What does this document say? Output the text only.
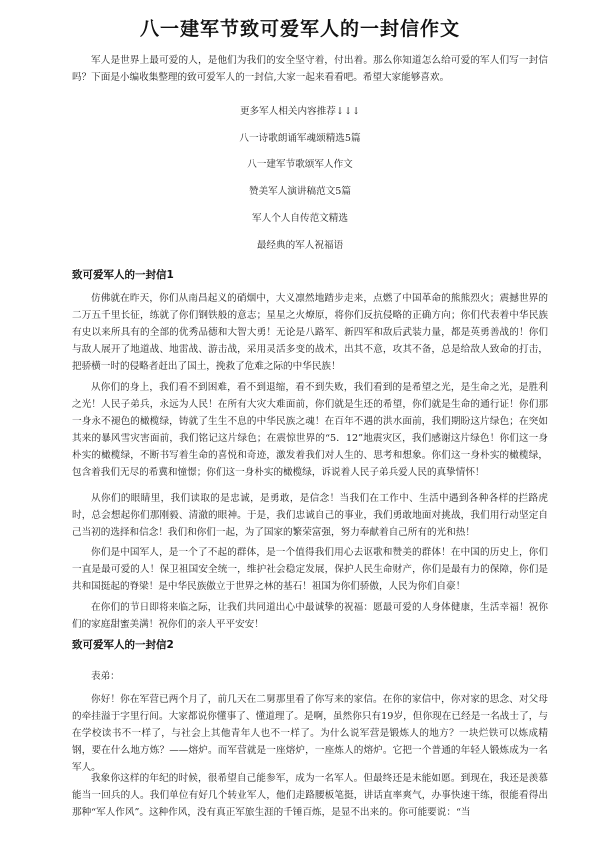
八一建军节致可爱军人的一封信作文

军人是世界上最可爱的人，是他们为我们的安全坚守着，付出着。那么你知道怎么给可爱的军人们写一封信吗？下面是小编收集整理的致可爱军人的一封信,大家一起来看看吧。希望大家能够喜欢。

更多军人相关内容推荐↓↓↓
八一诗歌朗诵军魂颂精选5篇
八一建军节歌颂军人作文
赞美军人演讲稿范文5篇
军人个人自传范文精选
最经典的军人祝福语
致可爱军人的一封信1

仿佛就在昨天，你们从南昌起义的硝烟中，大义凛然地踏步走来，点燃了中国革命的熊熊烈火；震撼世界的二万五千里长征，练就了你们钢铁般的意志；星星之火燎原，将你们反抗侵略的正确方向；你们代表着中华民族有史以来所具有的全部的优秀品德和大智大勇！无论是八路军、新四军和敌后武装力量，都是英勇善战的！你们与敌人展开了地道战、地雷战、游击战，采用灵活多变的战术，出其不意，攻其不备，总是给敌人致命的打击，把骄横一时的侵略者赶出了国土，挽救了危难之际的中华民族！

从你们的身上，我们看不到困难，看不到退缩，看不到失败，我们看到的是希望之光，是生命之光，是胜利之光！人民子弟兵，永远为人民！在所有大灾大难面前，你们就是生还的希望，你们就是生命的通行证！你们那一身永不褪色的橄榄绿，铸就了生生不息的中华民族之魂！在百年不遇的洪水面前，我们期盼这片绿色；在突如其来的暴风雪灾害面前，我们铭记这片绿色；在震惊世界的“5．12”地震灾区，我们感谢这片绿色！你们这一身朴实的橄榄绿，不断书写着生命的喜悦和奇迹，激发着我们对人生的、思考和想象。你们这一身朴实的橄榄绿，包含着我们无尽的希冀和憧憬；你们这一身朴实的橄榄绿，诉说着人民子弟兵爱人民的真挚情怀！

从你们的眼睛里，我们读取的是忠诚，是勇敢，是信念！当我们在工作中、生活中遇到各种各样的拦路虎时，总会想起你们那刚毅、清澈的眼神。于是，我们忠诚自己的事业，我们勇敢地面对挑战，我们用行动坚定自己当初的选择和信念！我们和你们一起，为了国家的繁荣富强，努力奉献着自己所有的光和热！

你们是中国军人，是一个了不起的群体，是一个值得我们用心去讴歌和赞美的群体！在中国的历史上，你们一直是最可爱的人！保卫祖国安全统一，维护社会稳定发展，保护人民生命财产，你们是最有力的保障，你们是共和国挺起的脊梁！是中华民族傲立于世界之林的基石！祖国为你们骄傲，人民为你们自豪！

在你们的节日即将来临之际，让我们共同道出心中最诚挚的祝福：愿最可爱的人身体健康，生活幸福！祝你们的家庭甜蜜美满！祝你们的亲人平平安安！

致可爱军人的一封信2
表弟：

你好！你在军营已两个月了，前几天在二舅那里看了你写来的家信。在你的家信中，你对家的思念、对父母的牵挂溢于字里行间。大家都说你懂事了、懂道理了。是啊，虽然你只有19岁，但你现在已经是一名战士了，与在学校读书不一样了，与社会上其他青年人也不一样了。为什么说军营是锻炼人的地方？一块烂铁可以炼成精钢，要在什么地方炼？——熔炉。而军营就是一座熔炉，一座炼人的熔炉。它把一个普通的年轻人锻炼成为一名军人。

我象你这样的年纪的时候，很希望自己能参军，成为一名军人。但最终还是未能如愿。到现在，我还是羡慕能当一回兵的人。我们单位有好几个转业军人，他们走路腰板笔挺，讲话直率爽气，办事快速干练，很能看得出那种“军人作风”。这种作风，没有真正军旅生涯的千锤百炼，是显不出来的。你可能要说：“当
